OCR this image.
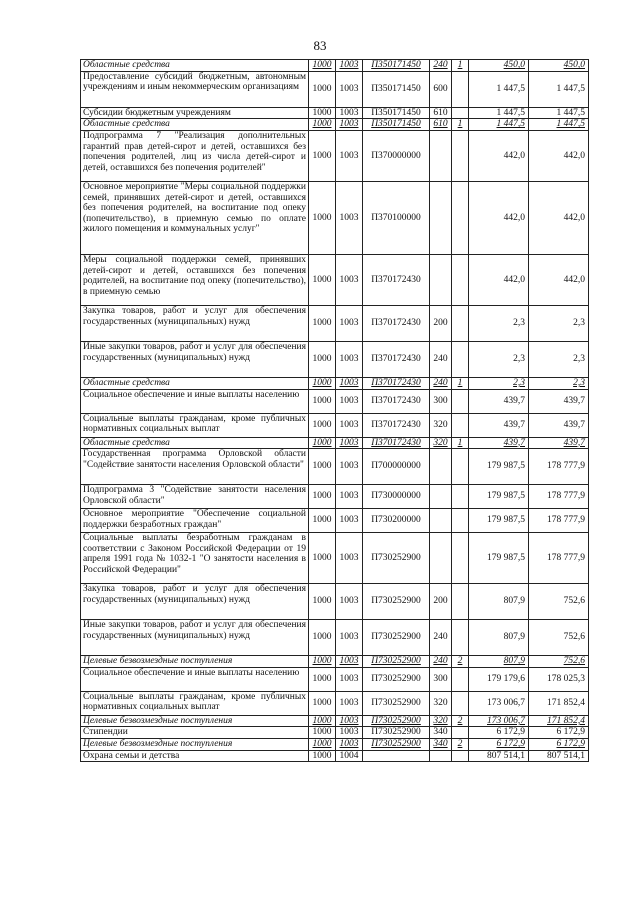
83
Областные средства	1000	1003	П350171450	240	1	450,0	450,0
Предоставление субсидий бюджетным, автономным учреждениям и иным некоммерческим организациям	1000	1003	П350171450	600		1 447,5	1 447,5
Субсидии бюджетным учреждениям	1000	1003	П350171450	610		1 447,5	1 447,5
Областные средства	1000	1003	П350171450	610	1	1 447,5	1 447,5
Подпрограмма 7 "Реализация дополнительных гарантий прав детей-сирот и детей, оставшихся без попечения родителей, лиц из числа детей-сирот и детей, оставшихся без попечения родителей"	1000	1003	П370000000			442,0	442,0
Основное мероприятие "Меры социальной поддержки семей, принявших детей-сирот и детей, оставшихся без попечения родителей, на воспитание под опеку (попечительство), в приемную семью по оплате жилого помещения и коммунальных услуг"	1000	1003	П370100000			442,0	442,0
Меры социальной поддержки семей, принявших детей-сирот и детей, оставшихся без попечения родителей, на воспитание под опеку (попечительство), в приемную семью	1000	1003	П370172430			442,0	442,0
Закупка товаров, работ и услуг для обеспечения государственных (муниципальных) нужд	1000	1003	П370172430	200		2,3	2,3
Иные закупки товаров, работ и услуг для обеспечения государственных (муниципальных) нужд	1000	1003	П370172430	240		2,3	2,3
Областные средства	1000	1003	П370172430	240	1	2,3	2,3
Социальное обеспечение и иные выплаты населению	1000	1003	П370172430	300		439,7	439,7
Социальные выплаты гражданам, кроме публичных нормативных социальных выплат	1000	1003	П370172430	320		439,7	439,7
Областные средства	1000	1003	П370172430	320	1	439,7	439,7
Государственная программа Орловской области "Содействие занятости населения Орловской области"	1000	1003	П700000000			179 987,5	178 777,9
Подпрограмма 3 "Содействие занятости населения Орловской области"	1000	1003	П730000000			179 987,5	178 777,9
Основное мероприятие "Обеспечение социальной поддержки безработных граждан"	1000	1003	П730200000			179 987,5	178 777,9
Социальные выплаты безработным гражданам в соответствии с Законом Российской Федерации от 19 апреля 1991 года № 1032-1 "О занятости населения в Российской Федерации"	1000	1003	П730252900			179 987,5	178 777,9
Закупка товаров, работ и услуг для обеспечения государственных (муниципальных) нужд	1000	1003	П730252900	200		807,9	752,6
Иные закупки товаров, работ и услуг для обеспечения государственных (муниципальных) нужд	1000	1003	П730252900	240		807,9	752,6
Целевые безвозмездные поступления	1000	1003	П730252900	240	2	807,9	752,6
Социальное обеспечение и иные выплаты населению	1000	1003	П730252900	300		179 179,6	178 025,3
Социальные выплаты гражданам, кроме публичных нормативных социальных выплат	1000	1003	П730252900	320		173 006,7	171 852,4
Целевые безвозмездные поступления	1000	1003	П730252900	320	2	173 006,7	171 852,4
Стипендии	1000	1003	П730252900	340		6 172,9	6 172,9
Целевые безвозмездные поступления	1000	1003	П730252900	340	2	6 172,9	6 172,9
Охрана семьи и детства	1000	1004				807 514,1	807 514,1
